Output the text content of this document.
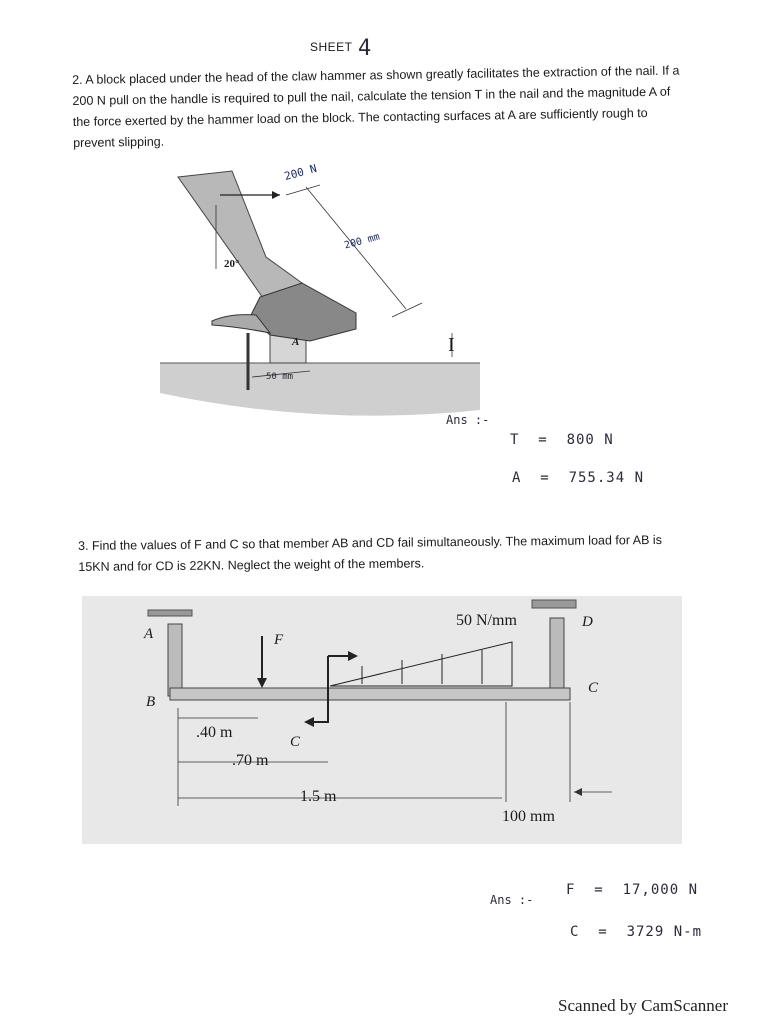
SHEET 4
2. A block placed under the head of the claw hammer as shown greatly facilitates the extraction of the nail. If a 200 N pull on the handle is required to pull the nail, calculate the tension T in the nail and the magnitude A of the force exerted by the hammer load on the block. The contacting surfaces at A are sufficiently rough to prevent slipping.
200 N
200 mm
20°
A
50 mm
I
Ans :-
T  =  800 N
A  =  755.34 N
3. Find the values of F and C so that member AB and CD fail simultaneously. The maximum load for AB is 15KN and for CD is 22KN. Neglect the weight of the members.
A
B
F
50 N/mm	D
C
C
.40 m
.70 m
1.5 m
100 mm
Ans :-
F  =  17,000 N
C  =  3729 N-m
Scanned by CamScanner
